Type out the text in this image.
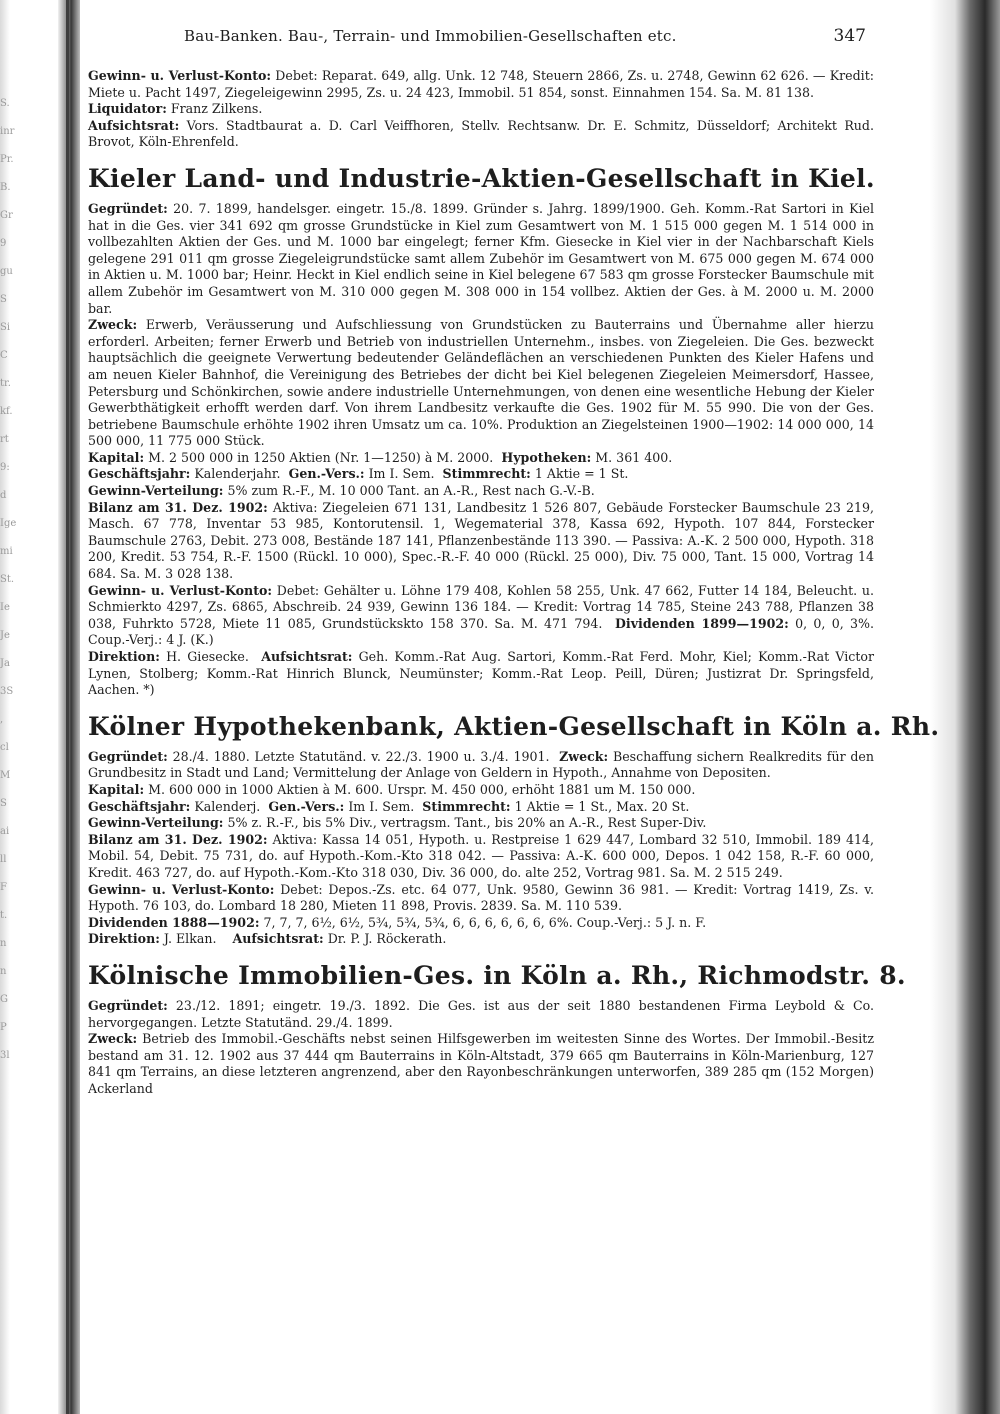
S.
inr
Pr.
B.
Gr
9
gu
S
Si
C
tr.
kf.
rt
9:
d
Ige
mi
St.
Ie
Je
Ja
3S
,
cl
M
S
ai
ll
F
t.
n
n
G
P
3l
Bau-Banken. Bau-, Terrain- und Immobilien-Gesellschaften etc.	347

Gewinn- u. Verlust-Konto: Debet: Reparat. 649, allg. Unk. 12 748, Steuern 2866, Zs. u. 2748, Gewinn 62 626. — Kredit: Miete u. Pacht 1497, Ziegeleigewinn 2995, Zs. u. 24 423, Immobil. 51 854, sonst. Einnahmen 154. Sa. M. 81 138.

Liquidator: Franz Zilkens.

Aufsichtsrat: Vors. Stadtbaurat a. D. Carl Veiffhoren, Stellv. Rechtsanw. Dr. E. Schmitz, Düsseldorf; Architekt Rud. Brovot, Köln-Ehrenfeld.

Kieler Land- und Industrie-Aktien-Gesellschaft in Kiel.

Gegründet: 20. 7. 1899, handelsger. eingetr. 15./8. 1899. Gründer s. Jahrg. 1899/1900. Geh. Komm.-Rat Sartori in Kiel hat in die Ges. vier 341 692 qm grosse Grundstücke in Kiel zum Gesamtwert von M. 1 515 000 gegen M. 1 514 000 in vollbezahlten Aktien der Ges. und M. 1000 bar eingelegt; ferner Kfm. Giesecke in Kiel vier in der Nachbarschaft Kiels gelegene 291 011 qm grosse Ziegeleigrundstücke samt allem Zubehör im Gesamtwert von M. 675 000 gegen M. 674 000 in Aktien u. M. 1000 bar; Heinr. Heckt in Kiel endlich seine in Kiel belegene 67 583 qm grosse Forstecker Baumschule mit allem Zubehör im Gesamtwert von M. 310 000 gegen M. 308 000 in 154 vollbez. Aktien der Ges. à M. 2000 u. M. 2000 bar.

Zweck: Erwerb, Veräusserung und Aufschliessung von Grundstücken zu Bauterrains und Übernahme aller hierzu erforderl. Arbeiten; ferner Erwerb und Betrieb von industriellen Unternehm., insbes. von Ziegeleien. Die Ges. bezweckt hauptsächlich die geeignete Verwertung bedeutender Geländeflächen an verschiedenen Punkten des Kieler Hafens und am neuen Kieler Bahnhof, die Vereinigung des Betriebes der dicht bei Kiel belegenen Ziegeleien Meimersdorf, Hassee, Petersburg und Schönkirchen, sowie andere industrielle Unternehmungen, von denen eine wesentliche Hebung der Kieler Gewerbthätigkeit erhofft werden darf. Von ihrem Landbesitz verkaufte die Ges. 1902 für M. 55 990. Die von der Ges. betriebene Baumschule erhöhte 1902 ihren Umsatz um ca. 10%. Produktion an Ziegelsteinen 1900—1902: 14 000 000, 14 500 000, 11 775 000 Stück.

Kapital: M. 2 500 000 in 1250 Aktien (Nr. 1—1250) à M. 2000. Hypotheken: M. 361 400.

Geschäftsjahr: Kalenderjahr. Gen.-Vers.: Im I. Sem. Stimmrecht: 1 Aktie = 1 St.

Gewinn-Verteilung: 5% zum R.-F., M. 10 000 Tant. an A.-R., Rest nach G.-V.-B.

Bilanz am 31. Dez. 1902: Aktiva: Ziegeleien 671 131, Landbesitz 1 526 807, Gebäude Forstecker Baumschule 23 219, Masch. 67 778, Inventar 53 985, Kontorutensil. 1, Wegematerial 378, Kassa 692, Hypoth. 107 844, Forstecker Baumschule 2763, Debit. 273 008, Bestände 187 141, Pflanzenbestände 113 390. — Passiva: A.-K. 2 500 000, Hypoth. 318 200, Kredit. 53 754, R.-F. 1500 (Rückl. 10 000), Spec.-R.-F. 40 000 (Rückl. 25 000), Div. 75 000, Tant. 15 000, Vortrag 14 684. Sa. M. 3 028 138.

Gewinn- u. Verlust-Konto: Debet: Gehälter u. Löhne 179 408, Kohlen 58 255, Unk. 47 662, Futter 14 184, Beleucht. u. Schmierkto 4297, Zs. 6865, Abschreib. 24 939, Gewinn 136 184. — Kredit: Vortrag 14 785, Steine 243 788, Pflanzen 38 038, Fuhrkto 5728, Miete 11 085, Grundstückskto 158 370. Sa. M. 471 794. Dividenden 1899—1902: 0, 0, 0, 3%. Coup.-Verj.: 4 J. (K.)

Direktion: H. Giesecke. Aufsichtsrat: Geh. Komm.-Rat Aug. Sartori, Komm.-Rat Ferd. Mohr, Kiel; Komm.-Rat Victor Lynen, Stolberg; Komm.-Rat Hinrich Blunck, Neumünster; Komm.-Rat Leop. Peill, Düren; Justizrat Dr. Springsfeld, Aachen. *)

Kölner Hypothekenbank, Aktien-Gesellschaft in Köln a. Rh.

Gegründet: 28./4. 1880. Letzte Statutänd. v. 22./3. 1900 u. 3./4. 1901. Zweck: Beschaffung sichern Realkredits für den Grundbesitz in Stadt und Land; Vermittelung der Anlage von Geldern in Hypoth., Annahme von Depositen.

Kapital: M. 600 000 in 1000 Aktien à M. 600. Urspr. M. 450 000, erhöht 1881 um M. 150 000.

Geschäftsjahr: Kalenderj. Gen.-Vers.: Im I. Sem. Stimmrecht: 1 Aktie = 1 St., Max. 20 St.

Gewinn-Verteilung: 5% z. R.-F., bis 5% Div., vertragsm. Tant., bis 20% an A.-R., Rest Super-Div.

Bilanz am 31. Dez. 1902: Aktiva: Kassa 14 051, Hypoth. u. Restpreise 1 629 447, Lombard 32 510, Immobil. 189 414, Mobil. 54, Debit. 75 731, do. auf Hypoth.-Kom.-Kto 318 042. — Passiva: A.-K. 600 000, Depos. 1 042 158, R.-F. 60 000, Kredit. 463 727, do. auf Hypoth.-Kom.-Kto 318 030, Div. 36 000, do. alte 252, Vortrag 981. Sa. M. 2 515 249.

Gewinn- u. Verlust-Konto: Debet: Depos.-Zs. etc. 64 077, Unk. 9580, Gewinn 36 981. — Kredit: Vortrag 1419, Zs. v. Hypoth. 76 103, do. Lombard 18 280, Mieten 11 898, Provis. 2839. Sa. M. 110 539.

Dividenden 1888—1902: 7, 7, 7, 6½, 6½, 5¾, 5¾, 5¾, 6, 6, 6, 6, 6, 6, 6%. Coup.-Verj.: 5 J. n. F.

Direktion: J. Elkan. Aufsichtsrat: Dr. P. J. Röckerath.

Kölnische Immobilien-Ges. in Köln a. Rh., Richmodstr. 8.

Gegründet: 23./12. 1891; eingetr. 19./3. 1892. Die Ges. ist aus der seit 1880 bestandenen Firma Leybold & Co. hervorgegangen. Letzte Statutänd. 29./4. 1899.

Zweck: Betrieb des Immobil.-Geschäfts nebst seinen Hilfsgewerben im weitesten Sinne des Wortes. Der Immobil.-Besitz bestand am 31. 12. 1902 aus 37 444 qm Bauterrains in Köln-Altstadt, 379 665 qm Bauterrains in Köln-Marienburg, 127 841 qm Terrains, an diese letzteren angrenzend, aber den Rayonbeschränkungen unterworfen, 389 285 qm (152 Morgen) Ackerland
